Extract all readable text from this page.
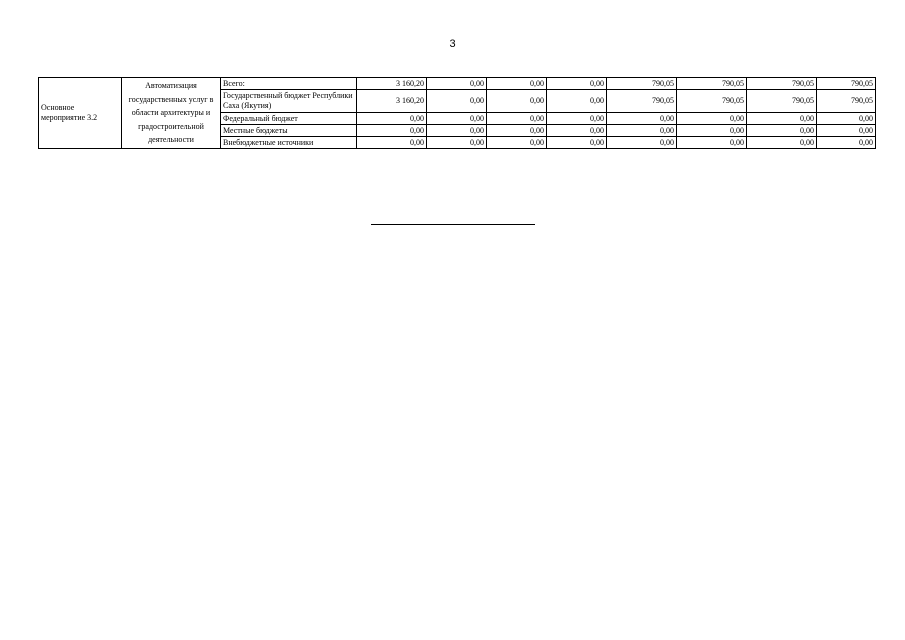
3
Основное мероприятие 3.2	Автоматизация государственных услуг в области архитектуры и градостроительной деятельности	Всего:	3 160,20	0,00	0,00	0,00	790,05	790,05	790,05	790,05
		Государственный бюджет Республики Саха (Якутия)	3 160,20	0,00	0,00	0,00	790,05	790,05	790,05	790,05
		Федеральный бюджет	0,00	0,00	0,00	0,00	0,00	0,00	0,00	0,00
		Местные бюджеты	0,00	0,00	0,00	0,00	0,00	0,00	0,00	0,00
		Внебюджетные источники	0,00	0,00	0,00	0,00	0,00	0,00	0,00	0,00
